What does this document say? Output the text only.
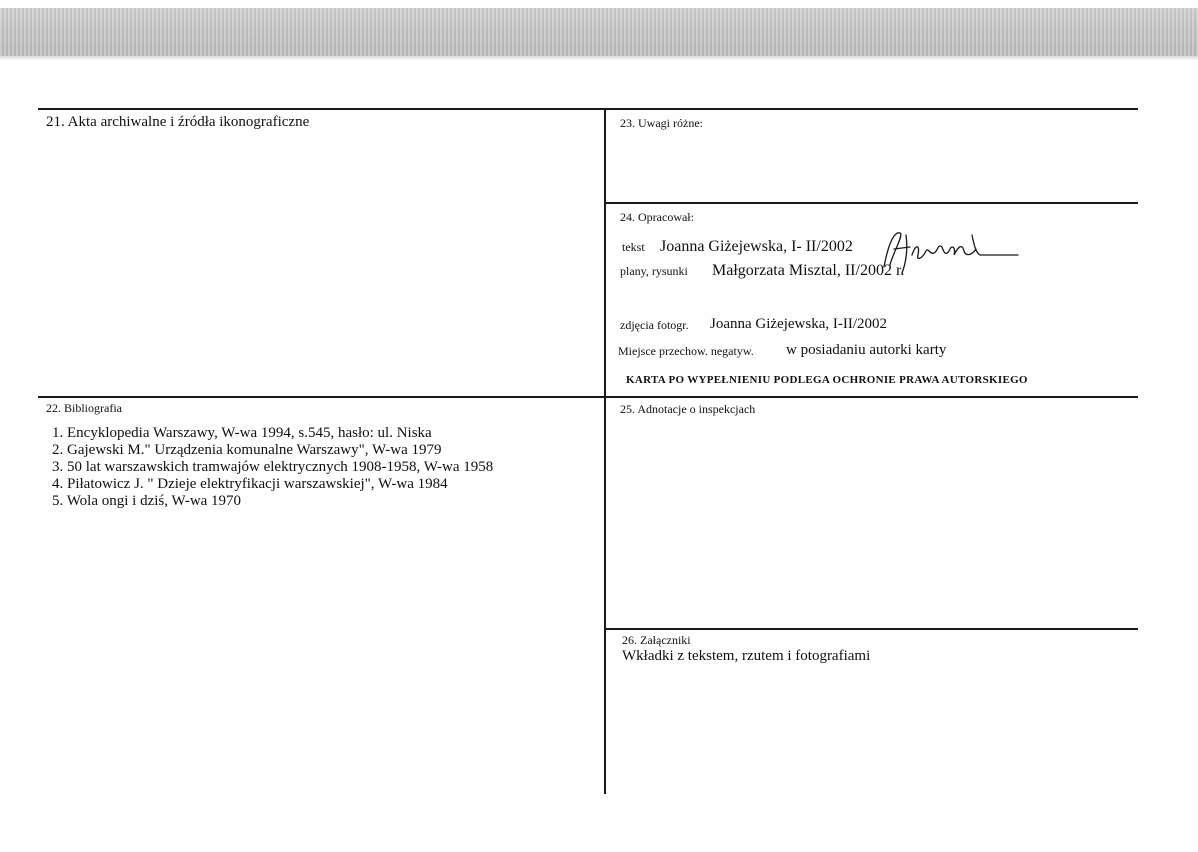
21. Akta archiwalne i źródła ikonograficzne
22. Bibliografia
1. Encyklopedia Warszawy, W-wa 1994, s.545, hasło: ul. Niska
2. Gajewski M." Urządzenia komunalne Warszawy", W-wa 1979
3. 50 lat warszawskich tramwajów elektrycznych 1908-1958, W-wa 1958
4. Piłatowicz J. " Dzieje elektryfikacji warszawskiej", W-wa 1984
5. Wola ongi i dziś, W-wa 1970
23. Uwagi różne:
24. Opracował:
tekst Joanna Giżejewska, I- II/2002
plany, rysunki Małgorzata Misztal, II/2002 r.
zdjęcia fotogr. Joanna Giżejewska, I-II/2002
Miejsce przechow. negatyw. w posiadaniu autorki karty
KARTA PO WYPEŁNIENIU PODLEGA OCHRONIE PRAWA AUTORSKIEGO
25. Adnotacje o inspekcjach
26. Załączniki
Wkładki z tekstem, rzutem i fotografiami
